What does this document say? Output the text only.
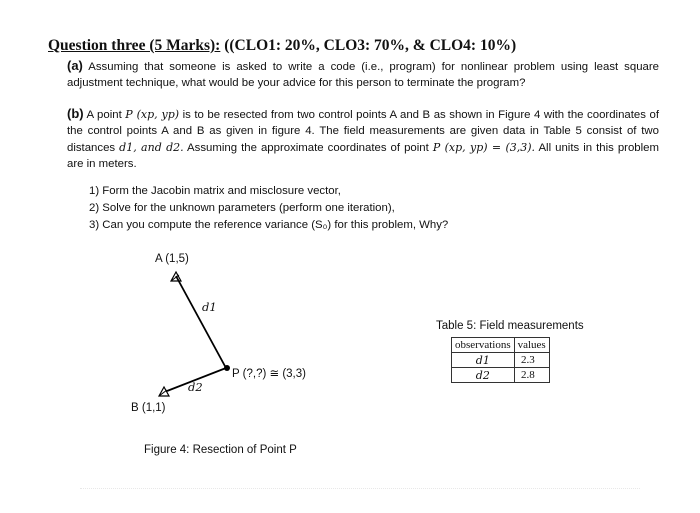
Question three (5 Marks): ((CLO1: 20%, CLO3: 70%, & CLO4: 10%)
(a) Assuming that someone is asked to write a code (i.e., program) for nonlinear problem using least square adjustment technique, what would be your advice for this person to terminate the program?
(b) A point P (xp, yp) is to be resected from two control points A and B as shown in Figure 4 with the coordinates of the control points A and B as given in figure 4. The field measurements are given data in Table 5 consist of two distances d1, and d2. Assuming the approximate coordinates of point P (xp, yp) = (3,3). All units in this problem are in meters.
1) Form the Jacobin matrix and misclosure vector,
2) Solve for the unknown parameters (perform one iteration),
3) Can you compute the reference variance (S₀) for this problem, Why?
A (1,5)
B (1,1)
P (?,?) ≅ (3,3)
d1
d2
Figure 4: Resection of Point P
Table 5: Field measurements
observations	values
d1	2.3
d2	2.8
